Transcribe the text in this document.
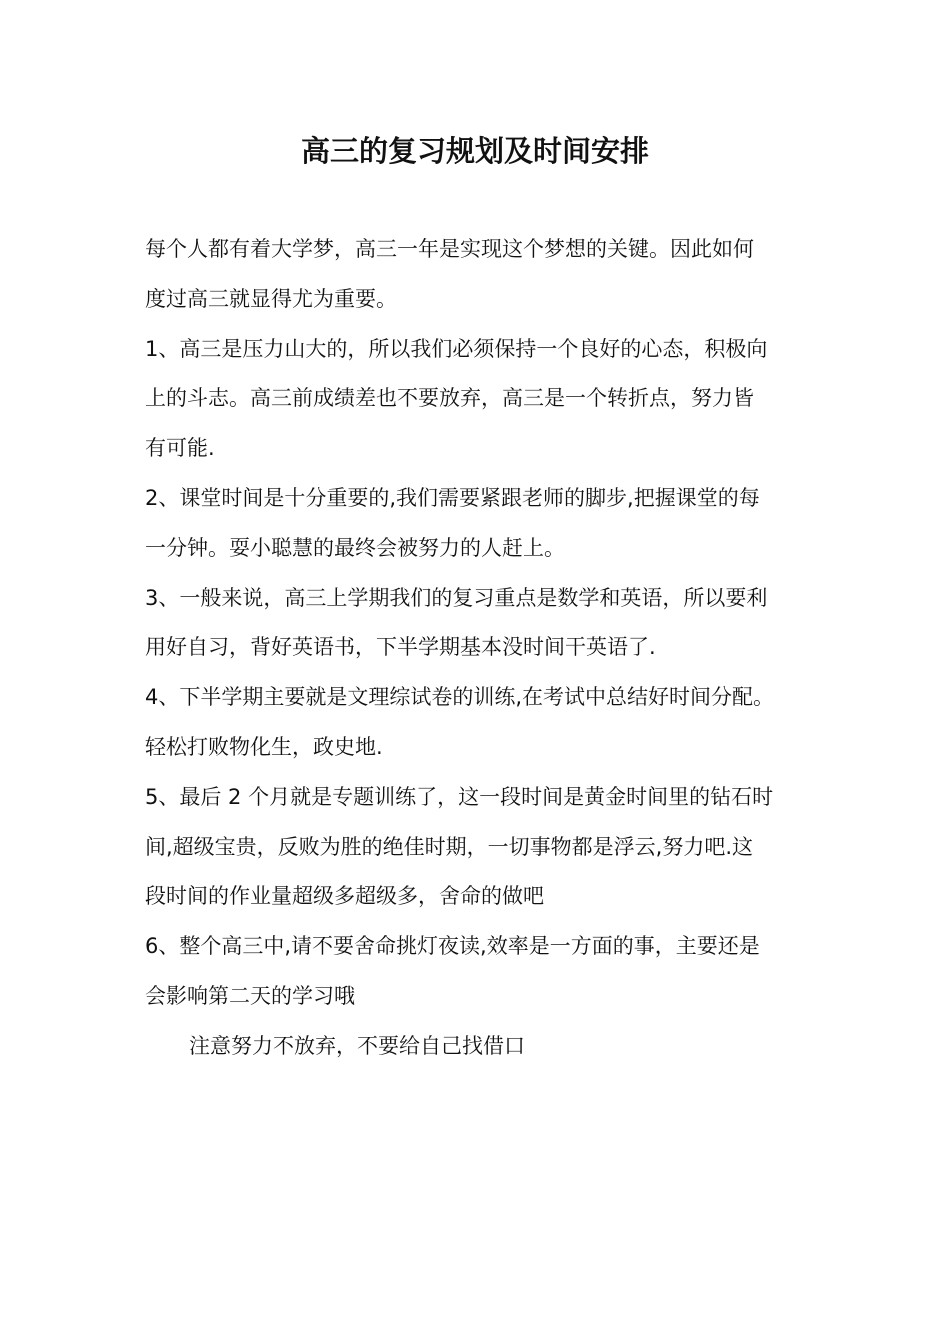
高三的复习规划及时间安排

每个人都有着大学梦，高三一年是实现这个梦想的关键。因此如何
度过高三就显得尤为重要。

1、高三是压力山大的，所以我们必须保持一个良好的心态，积极向
上的斗志。高三前成绩差也不要放弃，高三是一个转折点，努力皆
有可能.

2、课堂时间是十分重要的,我们需要紧跟老师的脚步,把握课堂的每
一分钟。耍小聪慧的最终会被努力的人赶上。

3、一般来说，高三上学期我们的复习重点是数学和英语，所以要利
用好自习，背好英语书，下半学期基本没时间干英语了.

4、下半学期主要就是文理综试卷的训练,在考试中总结好时间分配。
轻松打败物化生，政史地.

5、最后 2 个月就是专题训练了，这一段时间是黄金时间里的钻石时
间,超级宝贵，反败为胜的绝佳时期，一切事物都是浮云,努力吧.这
段时间的作业量超级多超级多，舍命的做吧

6、整个高三中,请不要舍命挑灯夜读,效率是一方面的事，主要还是
会影响第二天的学习哦

注意努力不放弃，不要给自己找借口
